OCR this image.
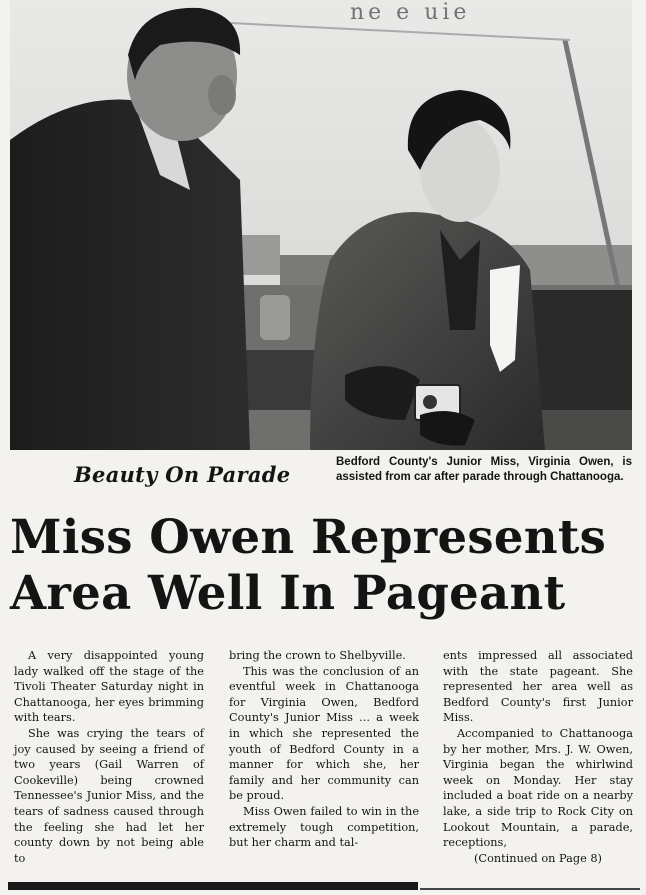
ne e uie
Beauty On Parade	Bedford County's Junior Miss, Virginia Owen, is assisted from car after parade through Chattanooga.
Miss Owen Represents
Area Well In Pageant

A very disappointed young lady walked off the stage of the Tivoli Theater Saturday night in Chattanooga, her eyes brimming with tears.

She was crying the tears of joy caused by seeing a friend of two years (Gail Warren of Cookeville) being crowned Tennessee's Junior Miss, and the tears of sadness caused through the feeling she had let her county down by not being able to

bring the crown to Shelbyville.

This was the conclusion of an eventful week in Chattanooga for Virginia Owen, Bedford County's Junior Miss ... a week in which she represented the youth of Bedford County in a manner for which she, her family and her community can be proud.

Miss Owen failed to win in the extremely tough competition, but her charm and tal-

ents impressed all associated with the state pageant. She represented her area well as Bedford County's first Junior Miss.

Accompanied to Chattanooga by her mother, Mrs. J. W. Owen, Virginia began the whirlwind week on Monday. Her stay included a boat ride on a nearby lake, a side trip to Rock City on Lookout Mountain, a parade, receptions,

(Continued on Page 8)
